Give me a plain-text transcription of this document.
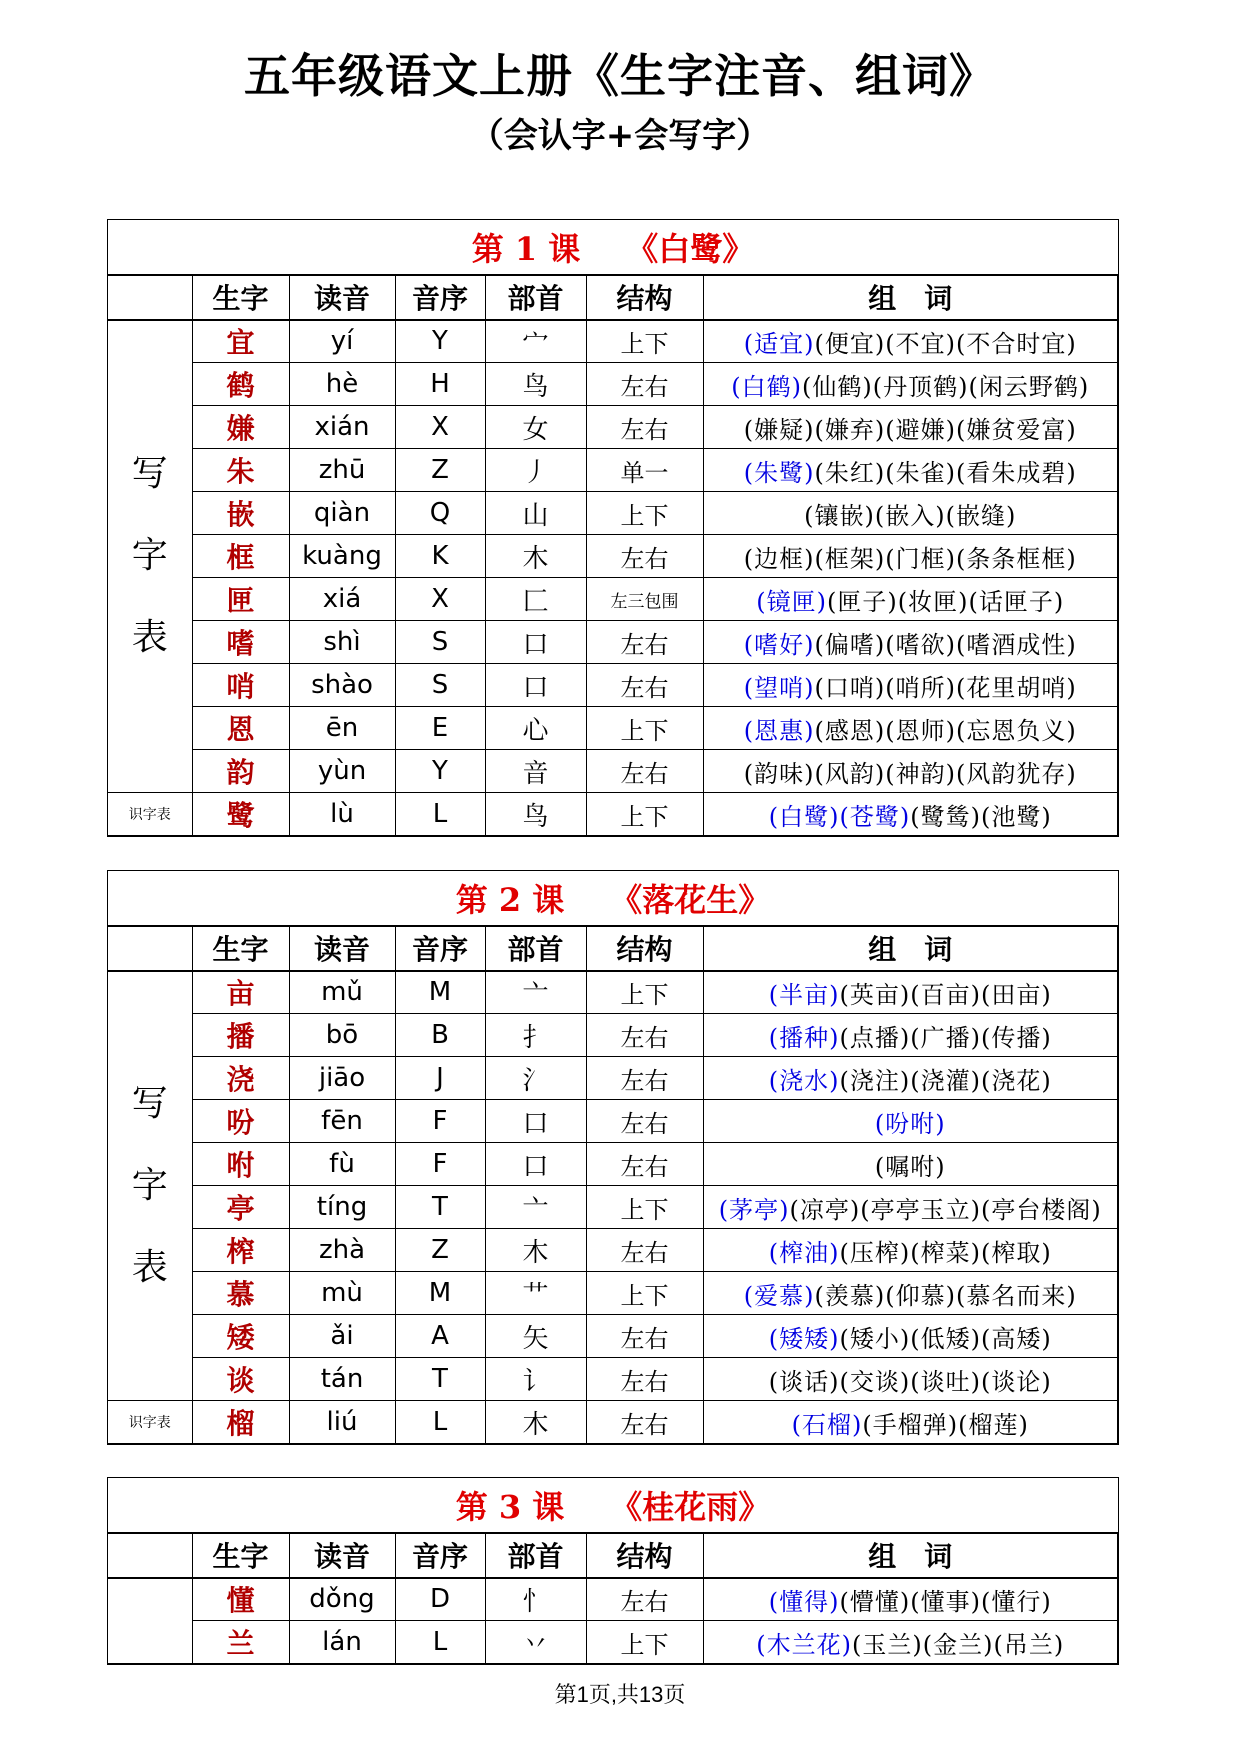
五年级语文上册《生字注音、组词》
（会认字+会写字）
第 1 课 《白鹭》
	生字	读音	音序	部首	结构	组　词

写
字
表	宜	yí	Y	宀	上下	(适宜)(便宜)(不宜)(不合时宜)
	鹤	hè	H	鸟	左右	(白鹤)(仙鹤)(丹顶鹤)(闲云野鹤)
	嫌	xián	X	女	左右	(嫌疑)(嫌弃)(避嫌)(嫌贫爱富)
	朱	zhū	Z	丿	单一	(朱鹭)(朱红)(朱雀)(看朱成碧)
	嵌	qiàn	Q	山	上下	(镶嵌)(嵌入)(嵌缝)
	框	kuàng	K	木	左右	(边框)(框架)(门框)(条条框框)
	匣	xiá	X	匚	左三包围	(镜匣)(匣子)(妆匣)(话匣子)
	嗜	shì	S	口	左右	(嗜好)(偏嗜)(嗜欲)(嗜酒成性)
	哨	shào	S	口	左右	(望哨)(口哨)(哨所)(花里胡哨)
	恩	ēn	E	心	上下	(恩惠)(感恩)(恩师)(忘恩负义)
	韵	yùn	Y	音	左右	(韵味)(风韵)(神韵)(风韵犹存)
识字表	鹭	lù	L	鸟	上下	(白鹭)(苍鹭)(鹭鸶)(池鹭)
第 2 课 《落花生》
	生字	读音	音序	部首	结构	组　词

写
字
表	亩	mǔ	M	亠	上下	(半亩)(英亩)(百亩)(田亩)
	播	bō	B	扌	左右	(播种)(点播)(广播)(传播)
	浇	jiāo	J	氵	左右	(浇水)(浇注)(浇灌)(浇花)
	吩	fēn	F	口	左右	(吩咐)
	咐	fù	F	口	左右	(嘱咐)
	亭	tíng	T	亠	上下	(茅亭)(凉亭)(亭亭玉立)(亭台楼阁)
	榨	zhà	Z	木	左右	(榨油)(压榨)(榨菜)(榨取)
	慕	mù	M	艹	上下	(爱慕)(羡慕)(仰慕)(慕名而来)
	矮	ǎi	A	矢	左右	(矮矮)(矮小)(低矮)(高矮)
	谈	tán	T	讠	左右	(谈话)(交谈)(谈吐)(谈论)
识字表	榴	liú	L	木	左右	(石榴)(手榴弹)(榴莲)
第 3 课 《桂花雨》
	生字	读音	音序	部首	结构	组　词
	懂	dǒng	D	忄	左右	(懂得)(懵懂)(懂事)(懂行)
	兰	lán	L	丷	上下	(木兰花)(玉兰)(金兰)(吊兰)
第1页,共13页
